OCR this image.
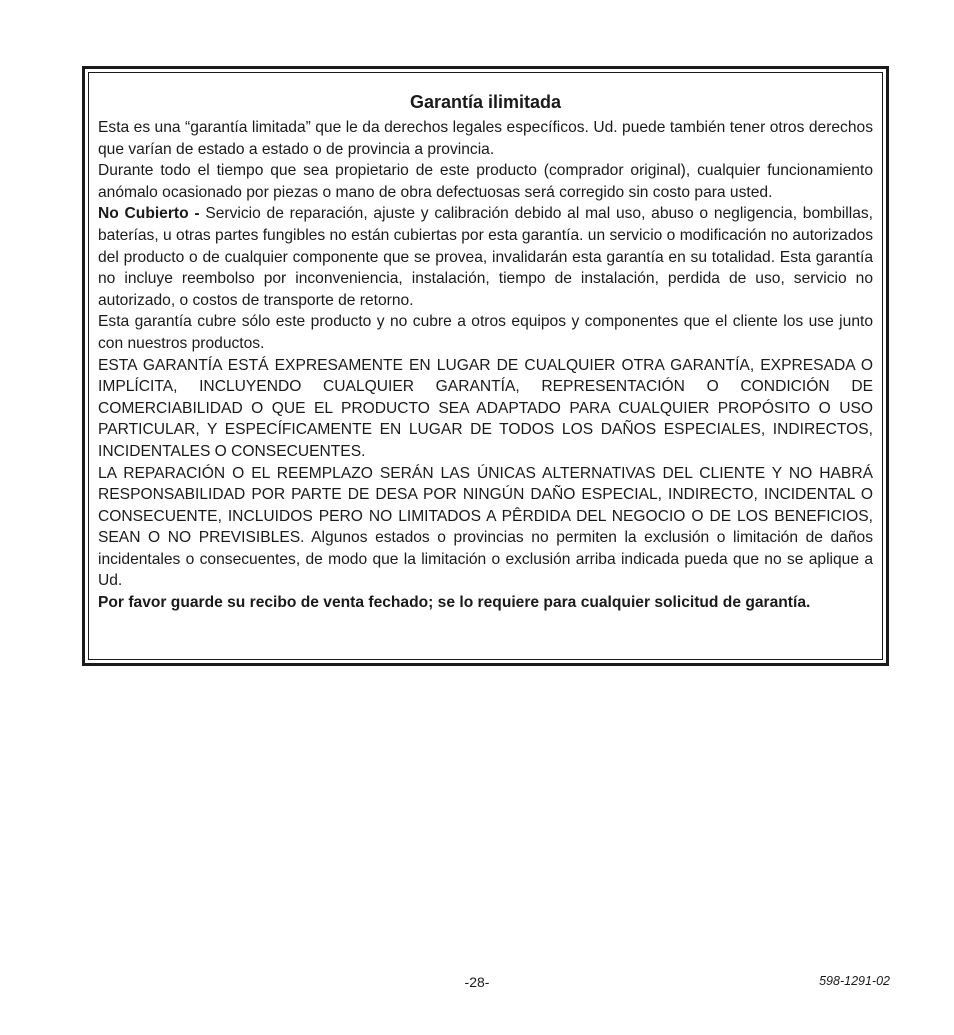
Garantía ilimitada

Esta es una “garantía limitada” que le da derechos legales específicos. Ud. puede también tener otros derechos que varían de estado a estado o de provincia a provincia.

Durante todo el tiempo que sea propietario de este producto (comprador original), cualquier funcionamiento anómalo ocasionado por piezas o mano de obra defectuosas será corregido sin costo para usted.

No Cubierto - Servicio de reparación, ajuste y calibración debido al mal uso, abuso o negligencia, bombillas, baterías, u otras partes fungibles no están cubiertas por esta garantía. un servicio o modificación no autorizados del producto o de cualquier componente que se provea, invalidarán esta garantía en su totalidad. Esta garantía no incluye reembolso por inconveniencia, instalación, tiempo de instalación, perdida de uso, servicio no autorizado, o costos de transporte de retorno.

Esta garantía cubre sólo este producto y no cubre a otros equipos y componentes que el cliente los use junto con nuestros productos.

ESTA GARANTÍA ESTÁ EXPRESAMENTE EN LUGAR DE CUALQUIER OTRA GARANTÍA, EXPRESADA O IMPLÍCITA, INCLUYENDO CUALQUIER GARANTÍA, REPRESENTACIÓN O CONDICIÓN DE COMERCIABILIDAD O QUE EL PRODUCTO SEA ADAPTADO PARA CUALQUIER PROPÓSITO O USO PARTICULAR, Y ESPECÍFICAMENTE EN LUGAR DE TODOS LOS DAÑOS ESPECIALES, INDIRECTOS, INCIDENTALES O CONSECUENTES.

LA REPARACIÓN O EL REEMPLAZO SERÁN LAS ÚNICAS ALTERNATIVAS DEL CLIENTE Y NO HABRÁ RESPONSABILIDAD POR PARTE DE DESA POR NINGÚN DAÑO ESPECIAL, INDIRECTO, INCIDENTAL O CONSECUENTE, INCLUIDOS PERO NO LIMITADOS A PÊRDIDA DEL NEGOCIO O DE LOS BENEFICIOS, SEAN O NO PREVISIBLES. Algunos estados o provincias no permiten la exclusión o limitación de daños incidentales o consecuentes, de modo que la limitación o exclusión arriba indicada pueda que no se aplique a Ud.

Por favor guarde su recibo de venta fechado; se lo requiere para cualquier solicitud de garantía.

-28-	598-1291-02
